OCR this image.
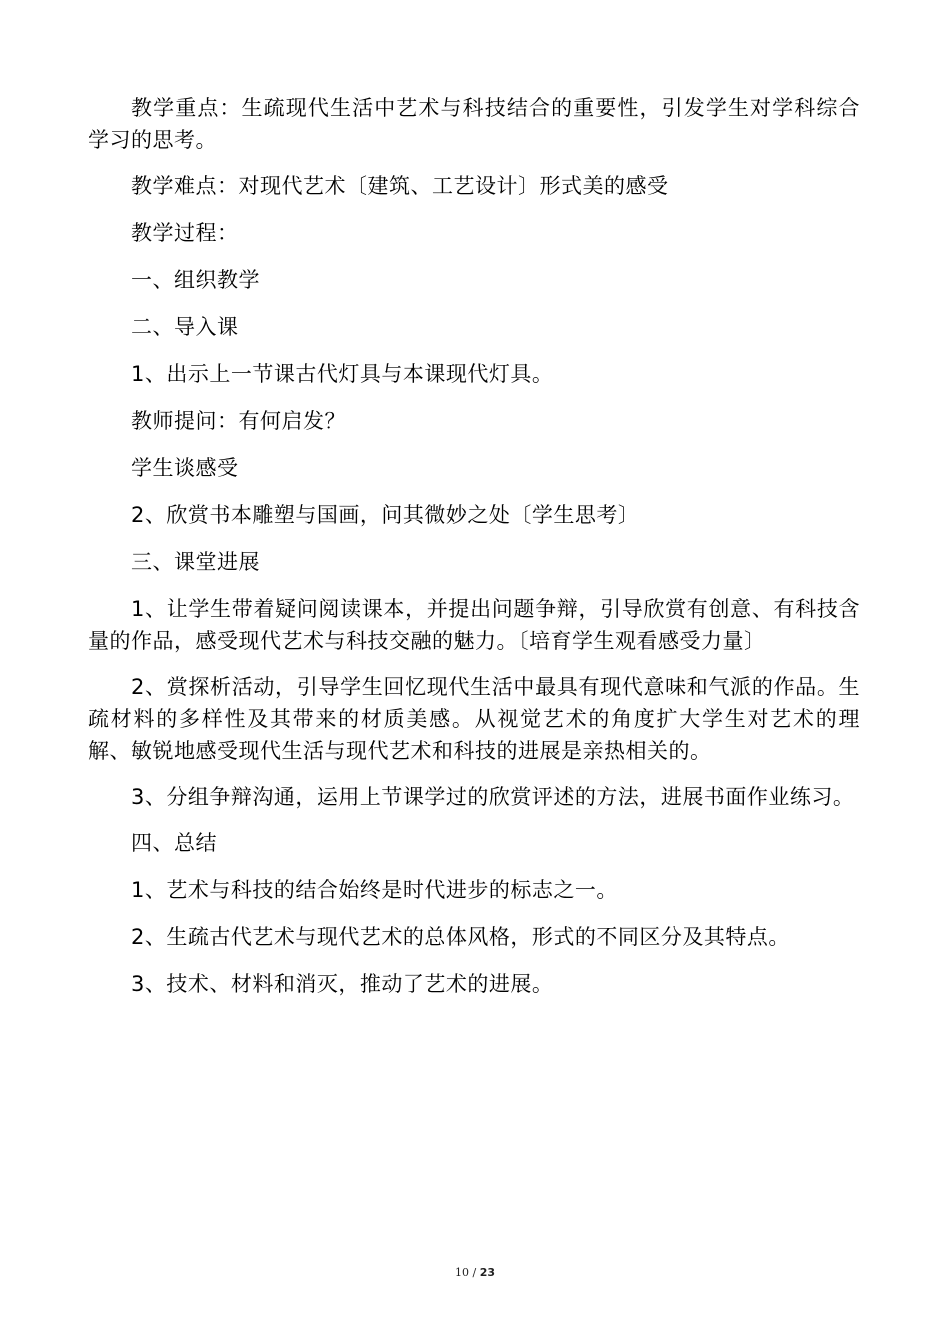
教学重点：生疏现代生活中艺术与科技结合的重要性，引发学生对学科综合学习的思考。

教学难点：对现代艺术〔建筑、工艺设计〕形式美的感受

教学过程：

一、组织教学

二、导入课

1、出示上一节课古代灯具与本课现代灯具。

教师提问：有何启发？

学生谈感受

2、欣赏书本雕塑与国画，问其微妙之处〔学生思考〕

三、课堂进展

1、让学生带着疑问阅读课本，并提出问题争辩，引导欣赏有创意、有科技含量的作品，感受现代艺术与科技交融的魅力。〔培育学生观看感受力量〕

2、赏探析活动，引导学生回忆现代生活中最具有现代意味和气派的作品。生疏材料的多样性及其带来的材质美感。从视觉艺术的角度扩大学生对艺术的理解、敏锐地感受现代生活与现代艺术和科技的进展是亲热相关的。

3、分组争辩沟通，运用上节课学过的欣赏评述的方法，进展书面作业练习。

四、总结

1、艺术与科技的结合始终是时代进步的标志之一。

2、生疏古代艺术与现代艺术的总体风格，形式的不同区分及其特点。

3、技术、材料和消灭，推动了艺术的进展。

10 / 23
